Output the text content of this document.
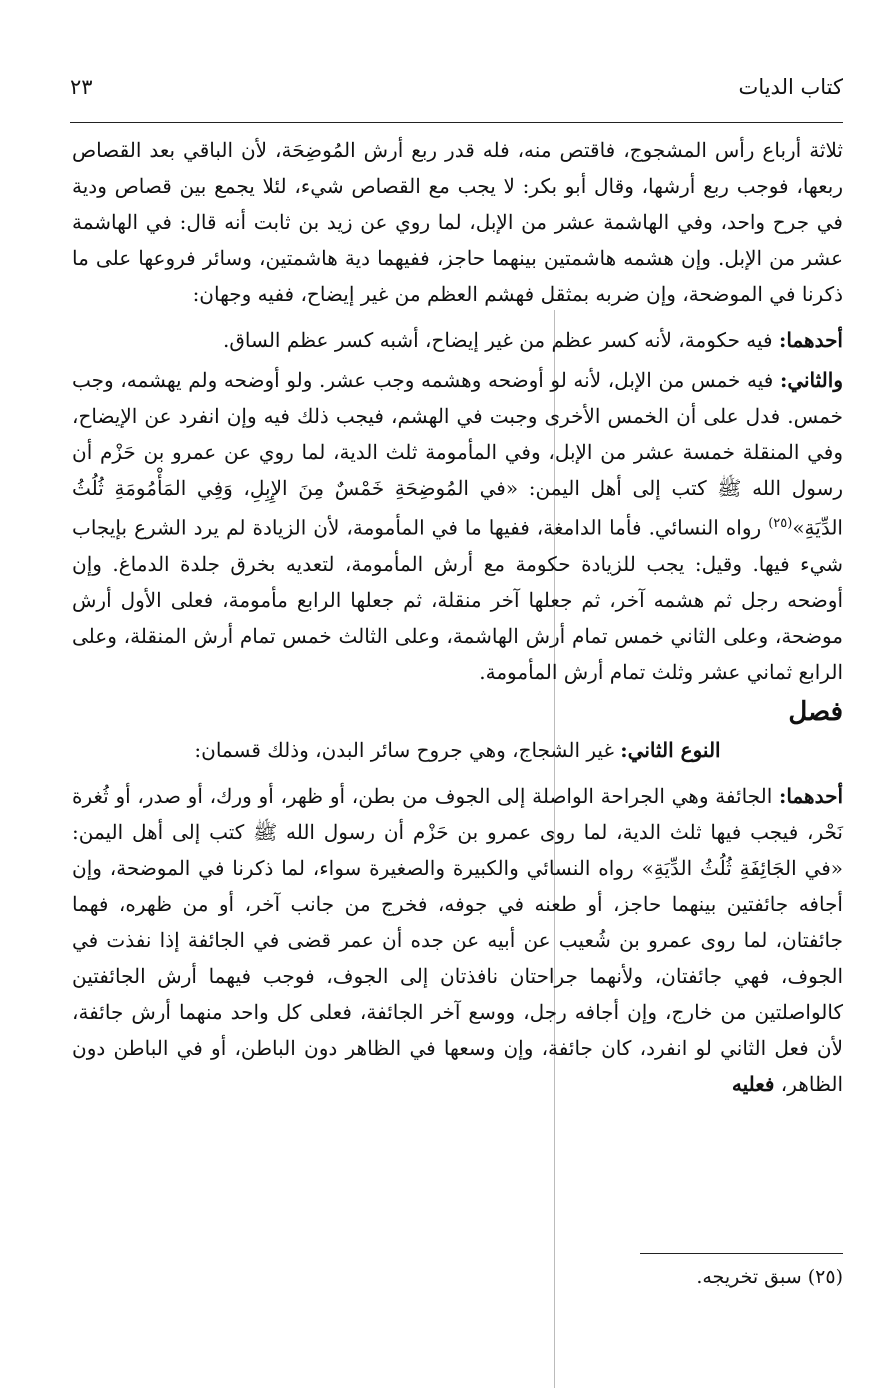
كتاب الديات
٢٣

ثلاثة أرباع رأس المشجوج، فاقتص منه، فله قدر ربع أرش المُوضِحَة، لأن الباقي بعد القصاص ربعها، فوجب ربع أرشها، وقال أبو بكر: لا يجب مع القصاص شيء، لئلا يجمع بين قصاص ودية في جرح واحد، وفي الهاشمة عشر من الإبل، لما روي عن زيد بن ثابت أنه قال: في الهاشمة عشر من الإبل. وإن هشمه هاشمتين بينهما حاجز، ففيهما دية هاشمتين، وسائر فروعها على ما ذكرنا في الموضحة، وإن ضربه بمثقل فهشم العظم من غير إيضاح، ففيه وجهان:

أحدهما: فيه حكومة، لأنه كسر عظم من غير إيضاح، أشبه كسر عظم الساق.

والثاني: فيه خمس من الإبل، لأنه لو أوضحه وهشمه وجب عشر. ولو أوضحه ولم يهشمه، وجب خمس. فدل على أن الخمس الأخرى وجبت في الهشم، فيجب ذلك فيه وإن انفرد عن الإيضاح، وفي المنقلة خمسة عشر من الإبل، وفي المأمومة ثلث الدية، لما روي عن عمرو بن حَزْم أن رسول الله ﷺ كتب إلى أهل اليمن: «في المُوضِحَةِ خَمْسٌ مِنَ الإِبِلِ، وَفِي المَأْمُومَةِ ثُلُثُ الدِّيَةِ»$^{(٢٥)}$ رواه النسائي. فأما الدامغة، ففيها ما في المأمومة، لأن الزيادة لم يرد الشرع بإيجاب شيء فيها. وقيل: يجب للزيادة حكومة مع أرش المأمومة، لتعديه بخرق جلدة الدماغ. وإن أوضحه رجل ثم هشمه آخر، ثم جعلها آخر منقلة، ثم جعلها الرابع مأمومة، فعلى الأول أرش موضحة، وعلى الثاني خمس تمام أرش الهاشمة، وعلى الثالث خمس تمام أرش المنقلة، وعلى الرابع ثماني عشر وثلث تمام أرش المأمومة.

فصل

النوع الثاني: غير الشجاج، وهي جروح سائر البدن، وذلك قسمان:

أحدهما: الجائفة وهي الجراحة الواصلة إلى الجوف من بطن، أو ظهر، أو ورك، أو صدر، أو ثُغرة نَحْر، فيجب فيها ثلث الدية، لما روى عمرو بن حَزْم أن رسول الله ﷺ كتب إلى أهل اليمن: «في الجَائِفَةِ ثُلُثُ الدِّيَةِ» رواه النسائي والكبيرة والصغيرة سواء، لما ذكرنا في الموضحة، وإن أجافه جائفتين بينهما حاجز، أو طعنه في جوفه، فخرج من جانب آخر، أو من ظهره، فهما جائفتان، لما روى عمرو بن شُعيب عن أبيه عن جده أن عمر قضى في الجائفة إذا نفذت في الجوف، فهي جائفتان، ولأنهما جراحتان نافذتان إلى الجوف، فوجب فيهما أرش الجائفتين كالواصلتين من خارج، وإن أجافه رجل، ووسع آخر الجائفة، فعلى كل واحد منهما أرش جائفة، لأن فعل الثاني لو انفرد، كان جائفة، وإن وسعها في الظاهر دون الباطن، أو في الباطن دون الظاهر، فعليه

(٢٥) سبق تخريجه.
